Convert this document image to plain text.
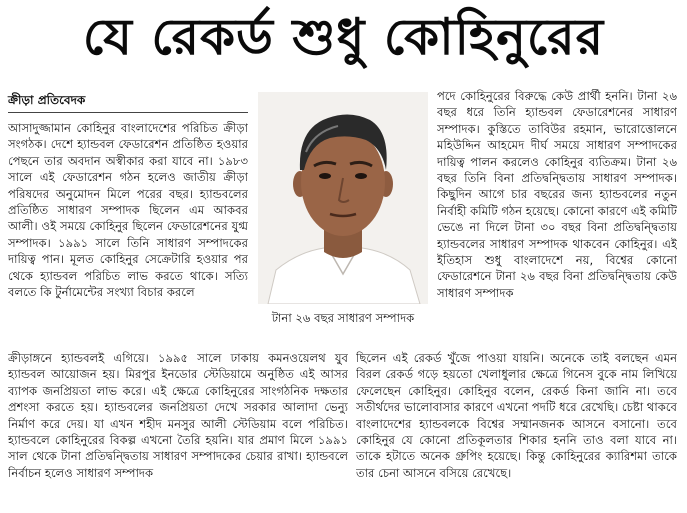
যে রেকর্ড শুধু কোহিনুরের
ক্রীড়া প্রতিবেদক

আসাদুজ্জামান কোহিনুর বাংলাদেশের পরিচিত ক্রীড়া সংগঠক। দেশে হ্যান্ডবল ফেডারেশন প্রতিষ্ঠিত হওয়ার পেছনে তার অবদান অস্বীকার করা যাবে না। ১৯৮৩ সালে এই ফেডারেশন গঠন হলেও জাতীয় ক্রীড়া পরিষদের অনুমোদন মিলে পরের বছর। হ্যান্ডবলের প্রতিষ্ঠিত সাধারণ সম্পাদক ছিলেন এম আকবর আলী। ওই সময়ে কোহিনুর ছিলেন ফেডারেশনের যুগ্ম সম্পাদক। ১৯৯১ সালে তিনি সাধারণ সম্পাদকের দায়িত্ব পান। মূলত কোহিনুর সেক্রেটারি হওয়ার পর থেকে হ্যান্ডবল পরিচিত লাভ করতে থাকে। সত্যি বলতে কি টুর্নামেন্টের সংখ্যা বিচার করলে

টানা ২৬ বছর সাধারণ সম্পাদক

পদে কোহিনুরের বিরুদ্ধে কেউ প্রার্থী হননি। টানা ২৬ বছর ধরে তিনি হ্যান্ডবল ফেডারেশনের সাধারণ সম্পাদক। কুস্তিতে তাবিউর রহমান, ভারোত্তোলনে মহিউদ্দিন আহমেদ দীর্ঘ সময়ে সাধারণ সম্পাদকের দায়িত্ব পালন করলেও কোহিনুর ব্যতিক্রম। টানা ২৬ বছর তিনি বিনা প্রতিদ্বন্দ্বিতায় সাধারণ সম্পাদক। কিছুদিন আগে চার বছরের জন্য হ্যান্ডবলের নতুন নির্বাহী কমিটি গঠন হয়েছে। কোনো কারণে এই কমিটি ভেঙে না দিলে টানা ৩০ বছর বিনা প্রতিদ্বন্দ্বিতায় হ্যান্ডবলের সাধারণ সম্পাদক থাকবেন কোহিনুর। এই ইতিহাস শুধু বাংলাদেশে নয়, বিশ্বের কোনো ফেডারেশনে টানা ২৬ বছর বিনা প্রতিদ্বন্দ্বিতায় কেউ সাধারণ সম্পাদক

ক্রীড়াঙ্গনে হ্যান্ডবলই এগিয়ে। ১৯৯৫ সালে ঢাকায় কমনওয়েলথ যুব হ্যান্ডবল আয়োজন হয়। মিরপুর ইনডোর স্টেডিয়ামে অনুষ্ঠিত এই আসর ব্যাপক জনপ্রিয়তা লাভ করে। এই ক্ষেত্রে কোহিনুরের সাংগঠনিক দক্ষতার প্রশংসা করতে হয়। হ্যান্ডবলের জনপ্রিয়তা দেখে সরকার আলাদা ভেন্যু নির্মাণ করে দেয়। যা এখন শহীদ মনসুর আলী স্টেডিয়াম বলে পরিচিত। হ্যান্ডবলে কোহিনুরের বিকল্প এখনো তৈরি হয়নি। যার প্রমাণ মিলে ১৯৯১ সাল থেকে টানা প্রতিদ্বন্দ্বিতায় সাধারণ সম্পাদকের চেয়ার রাখা। হ্যান্ডবলে নির্বাচন হলেও সাধারণ সম্পাদক

ছিলেন এই রেকর্ড খুঁজে পাওয়া যায়নি। অনেকে তাই বলছেন এমন বিরল রেকর্ড গড়ে হয়তো খেলাধুলার ক্ষেত্রে গিনেস বুকে নাম লিখিয়ে ফেলেছেন কোহিনুর। কোহিনুর বলেন, রেকর্ড কিনা জানি না। তবে সতীর্থদের ভালোবাসার কারণে এখনো পদটি ধরে রেখেছি। চেষ্টা থাকবে বাংলাদেশের হ্যান্ডবলকে বিশ্বের সম্মানজনক আসনে বসানো। তবে কোহিনুর যে কোনো প্রতিকূলতার শিকার হননি তাও বলা যাবে না। তাকে হটাতে অনেক গ্রুপিং হয়েছে। কিন্তু কোহিনুরের ক্যারিশমা তাকে তার চেনা আসনে বসিয়ে রেখেছে।
